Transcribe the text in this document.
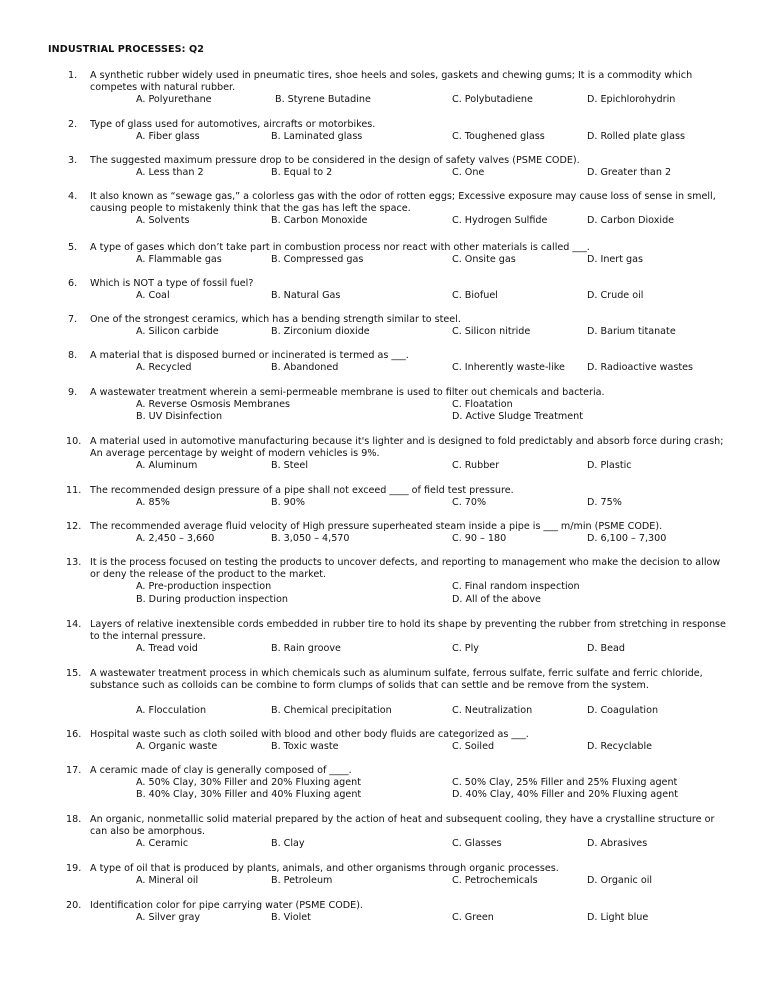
INDUSTRIAL PROCESSES: Q2
1. A synthetic rubber widely used in pneumatic tires, shoe heels and soles, gaskets and chewing gums; It is a commodity which competes with natural rubber.
A. Polyurethane	B. Styrene Butadine	C. Polybutadiene	D. Epichlorohydrin
2. Type of glass used for automotives, aircrafts or motorbikes.
A. Fiber glass	B. Laminated glass	C. Toughened glass	D. Rolled plate glass
3. The suggested maximum pressure drop to be considered in the design of safety valves (PSME CODE).
A. Less than 2	B. Equal to 2	C. One	D. Greater than 2
4. It also known as “sewage gas,” a colorless gas with the odor of rotten eggs; Excessive exposure may cause loss of sense in smell, causing people to mistakenly think that the gas has left the space.
A. Solvents	B. Carbon Monoxide	C. Hydrogen Sulfide	D. Carbon Dioxide
5. A type of gases which don’t take part in combustion process nor react with other materials is called ___.
A. Flammable gas	B. Compressed gas	C. Onsite gas	D. Inert gas
6. Which is NOT a type of fossil fuel?
A. Coal	B. Natural Gas	C. Biofuel	D. Crude oil
7. One of the strongest ceramics, which has a bending strength similar to steel.
A. Silicon carbide	B. Zirconium dioxide	C. Silicon nitride	D. Barium titanate
8. A material that is disposed burned or incinerated is termed as ___.
A. Recycled	B. Abandoned	C. Inherently waste-like D. Radioactive wastes
9. A wastewater treatment wherein a semi-permeable membrane is used to filter out chemicals and bacteria.
A. Reverse Osmosis Membranes
B. UV Disinfection
C. Floatation
D. Active Sludge Treatment
10. A material used in automotive manufacturing because it's lighter and is designed to fold predictably and absorb force during crash; An average percentage by weight of modern vehicles is 9%.
A. Aluminum	B. Steel	C. Rubber	D. Plastic
11. The recommended design pressure of a pipe shall not exceed ____ of field test pressure.
A. 85%	B. 90%	C. 70%	D. 75%
12. The recommended average fluid velocity of High pressure superheated steam inside a pipe is ___ m/min (PSME CODE).
A. 2,450 – 3,660	B. 3,050 – 4,570	C. 90 – 180	D. 6,100 – 7,300
13. It is the process focused on testing the products to uncover defects, and reporting to management who make the decision to allow or deny the release of the product to the market.
A. Pre-production inspection
B. During production inspection
C. Final random inspection
D. All of the above
14. Layers of relative inextensible cords embedded in rubber tire to hold its shape by preventing the rubber from stretching in response to the internal pressure.
A. Tread void	B. Rain groove	C. Ply	D. Bead
15. A wastewater treatment process in which chemicals such as aluminum sulfate, ferrous sulfate, ferric sulfate and ferric chloride, substance such as colloids can be combine to form clumps of solids that can settle and be remove from the system.
A. Flocculation	B. Chemical precipitation	C. Neutralization	D. Coagulation
16. Hospital waste such as cloth soiled with blood and other body fluids are categorized as ___.
A. Organic waste	B. Toxic waste	C. Soiled	D. Recyclable
17. A ceramic made of clay is generally composed of ____.
A. 50% Clay, 30% Filler and 20% Fluxing agent
B. 40% Clay, 30% Filler and 40% Fluxing agent
C. 50% Clay, 25% Filler and 25% Fluxing agent
D. 40% Clay, 40% Filler and 20% Fluxing agent
18. An organic, nonmetallic solid material prepared by the action of heat and subsequent cooling, they have a crystalline structure or can also be amorphous.
A. Ceramic	B. Clay	C. Glasses	D. Abrasives
19. A type of oil that is produced by plants, animals, and other organisms through organic processes.
A. Mineral oil	B. Petroleum	C. Petrochemicals	D. Organic oil
20. Identification color for pipe carrying water (PSME CODE).
A. Silver gray	B. Violet	C. Green	D. Light blue
